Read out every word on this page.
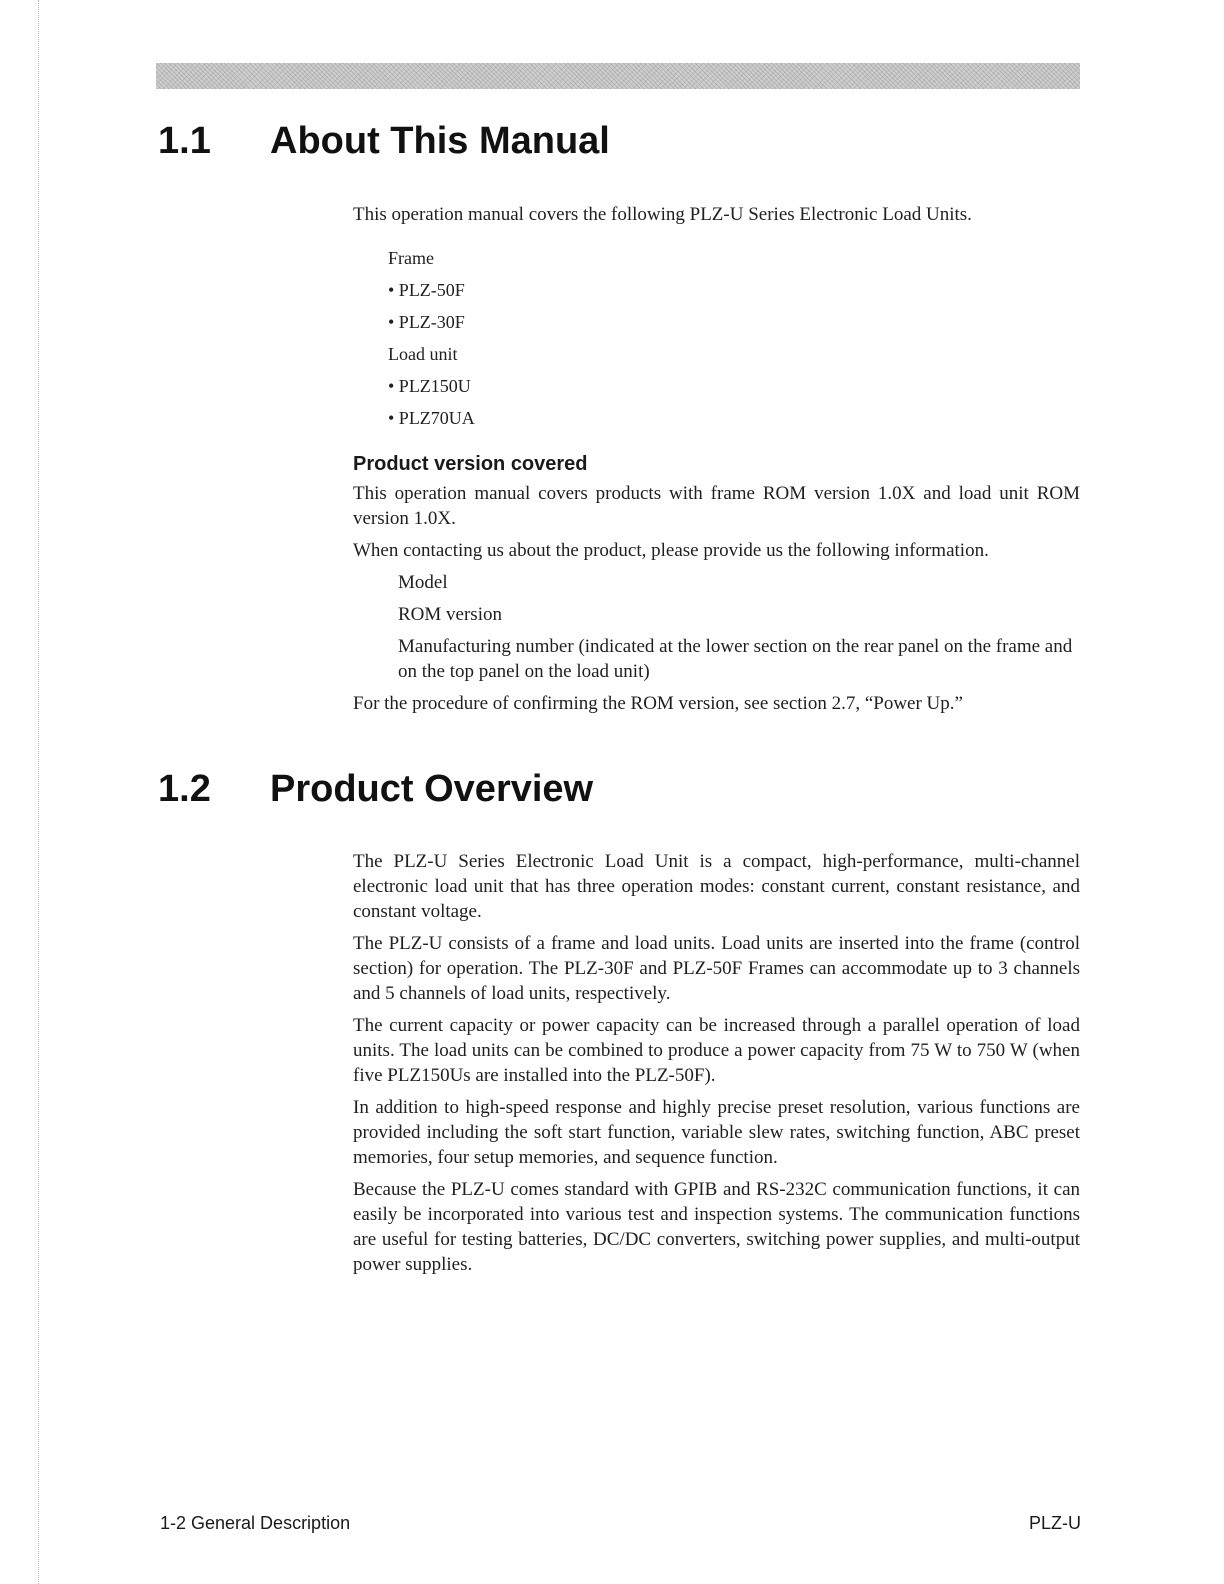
1.1 About This Manual

This operation manual covers the following PLZ-U Series Electronic Load Units.

Frame

• PLZ-50F

• PLZ-30F

Load unit

• PLZ150U

• PLZ70UA

Product version covered

This operation manual covers products with frame ROM version 1.0X and load unit ROM version 1.0X.

When contacting us about the product, please provide us the following information.

Model

ROM version

Manufacturing number (indicated at the lower section on the rear panel on the frame and on the top panel on the load unit)

For the procedure of confirming the ROM version, see section 2.7, “Power Up.”

1.2 Product Overview

The PLZ-U Series Electronic Load Unit is a compact, high-performance, multi-channel electronic load unit that has three operation modes: constant current, constant resistance, and constant voltage.

The PLZ-U consists of a frame and load units. Load units are inserted into the frame (control section) for operation. The PLZ-30F and PLZ-50F Frames can accommodate up to 3 channels and 5 channels of load units, respectively.

The current capacity or power capacity can be increased through a parallel operation of load units. The load units can be combined to produce a power capacity from 75 W to 750 W (when five PLZ150Us are installed into the PLZ-50F).

In addition to high-speed response and highly precise preset resolution, various functions are provided including the soft start function, variable slew rates, switching function, ABC preset memories, four setup memories, and sequence function.

Because the PLZ-U comes standard with GPIB and RS-232C communication functions, it can easily be incorporated into various test and inspection systems. The communication functions are useful for testing batteries, DC/DC converters, switching power supplies, and multi-output power supplies.

1-2 General Description	PLZ-U
